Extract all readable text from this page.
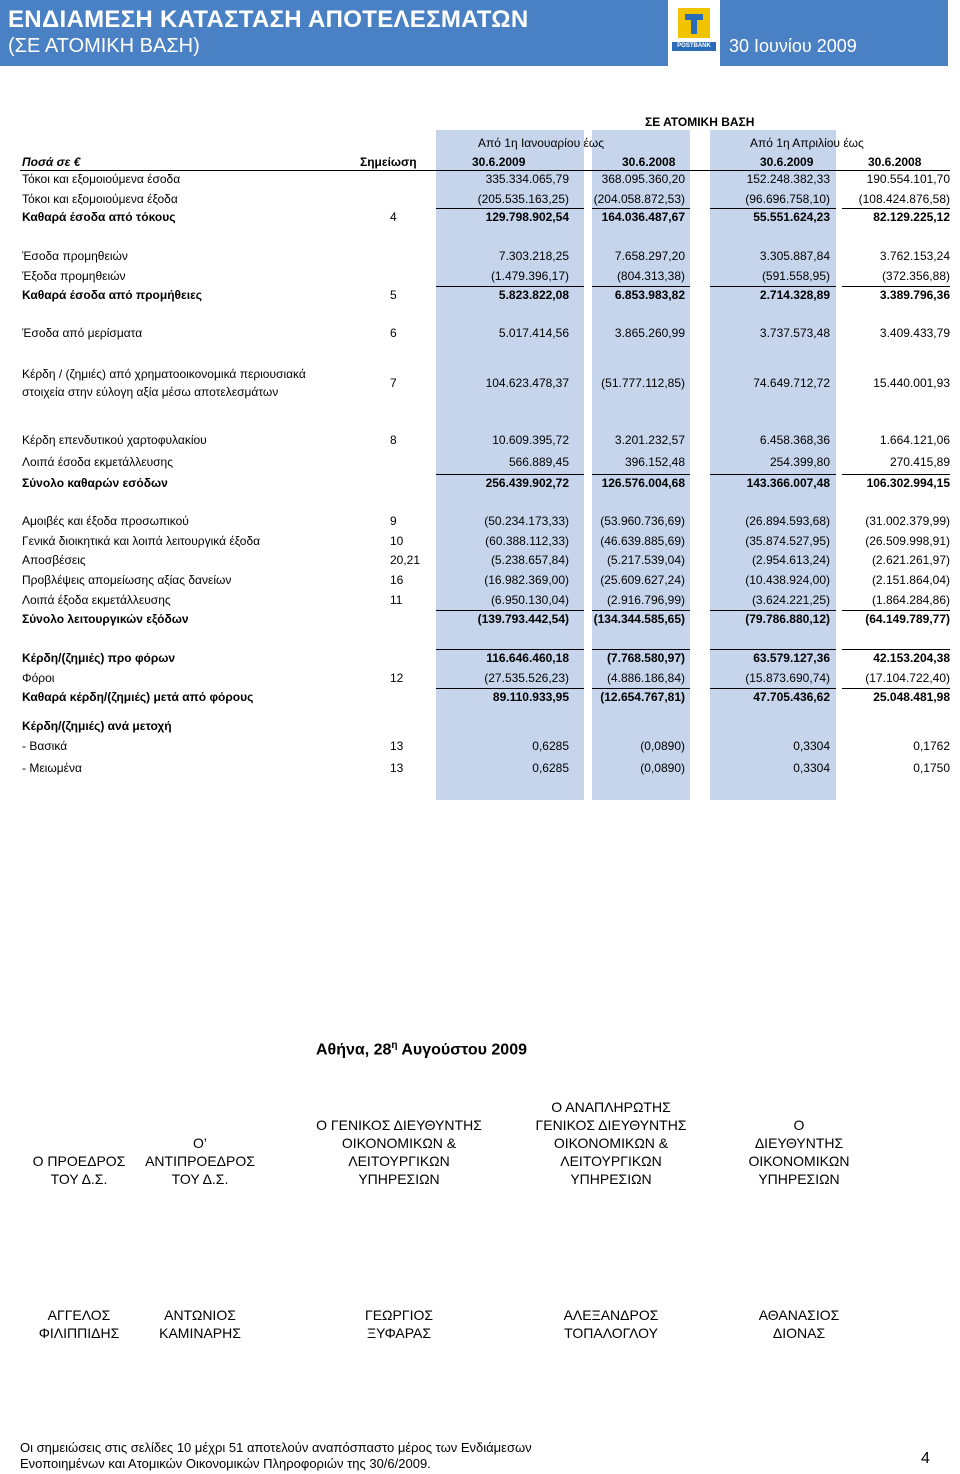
ΕΝΔΙΑΜΕΣΗ ΚΑΤΑΣΤΑΣΗ ΑΠΟΤΕΛΕΣΜΑΤΩΝ
(ΣΕ ΑΤΟΜΙΚΗ ΒΑΣΗ)	POSTBANK 30 Ιουνίου 2009
ΣΕ ΑΤΟΜΙΚΗ ΒΑΣΗ
Από 1η Ιανουαρίου έως	Από 1η Απριλίου έως
Ποσά σε €	Σημείωση	30.6.2009	30.6.2008	30.6.2009	30.6.2008
Τόκοι και εξομοιούμενα έσοδα	335.334.065,79	368.095.360,20	152.248.382,33	190.554.101,70
Τόκοι και εξομοιούμενα έξοδα	(205.535.163,25) (204.058.872,53)	(96.696.758,10) (108.424.876,58)
Καθαρά έσοδα από τόκους	4	129.798.902,54	164.036.487,67	55.551.624,23	82.129.225,12
Έσοδα προμηθειών	7.303.218,25	7.658.297,20	3.305.887,84	3.762.153,24
Έξοδα προμηθειών	(1.479.396,17)	(804.313,38)	(591.558,95)	(372.356,88)
Καθαρά έσοδα από προμήθειες	5	5.823.822,08	6.853.983,82	2.714.328,89	3.389.796,36
Έσοδα από μερίσματα	6	5.017.414,56	3.865.260,99	3.737.573,48	3.409.433,79
Κέρδη / (ζημιές) από χρηματοοικονομικά περιουσιακά
στοιχεία στην εύλογη αξία μέσω αποτελεσμάτων
7	104.623.478,37	(51.777.112,85)	74.649.712,72	15.440.001,93
Κέρδη επενδυτικού χαρτοφυλακίου	8	10.609.395,72	3.201.232,57	6.458.368,36	1.664.121,06
Λοιπά έσοδα εκμετάλλευσης	566.889,45	396.152,48	254.399,80	270.415,89
Σύνολο καθαρών εσόδων	256.439.902,72	126.576.004,68	143.366.007,48	106.302.994,15
Αμοιβές και έξοδα προσωπικού	9	(50.234.173,33)	(53.960.736,69)	(26.894.593,68)	(31.002.379,99)
Γενικά διοικητικά και λοιπά λειτουργικά έξοδα	10	(60.388.112,33)	(46.639.885,69)	(35.874.527,95)	(26.509.998,91)
Αποσβέσεις	20,21	(5.238.657,84)	(5.217.539,04)	(2.954.613,24)	(2.621.261,97)
Προβλέψεις απομείωσης αξίας δανείων	16	(16.982.369,00)	(25.609.627,24)	(10.438.924,00)	(2.151.864,04)
Λοιπά έξοδα εκμετάλλευσης	11	(6.950.130,04)	(2.916.796,99)	(3.624.221,25)	(1.864.284,86)
Σύνολο λειτουργικών εξόδων	(139.793.442,54) (134.344.585,65)	(79.786.880,12)	(64.149.789,77)
Κέρδη/(ζημιές) προ φόρων	116.646.460,18	(7.768.580,97)	63.579.127,36	42.153.204,38
Φόροι	12	(27.535.526,23)	(4.886.186,84)	(15.873.690,74)	(17.104.722,40)
Καθαρά κέρδη/(ζημιές) μετά από φόρους	89.110.933,95	(12.654.767,81)	47.705.436,62	25.048.481,98
Κέρδη/(ζημιές) ανά μετοχή
- Βασικά	13	0,6285	(0,0890)	0,3304	0,1762
- Μειωμένα	13	0,6285	(0,0890)	0,3304	0,1750
Αθήνα, $28^\eta$ Αυγούστου 2009
Ο ΠΡΟΕΔΡΟΣ
ΤΟΥ Δ.Σ.
ΑΓΓΕΛΟΣ
ΦΙΛΙΠΠΙΔΗΣ
Ο’
ΑΝΤΙΠΡΟΕΔΡΟΣ
ΤΟΥ Δ.Σ.
ΑΝΤΩΝΙΟΣ
ΚΑΜΙΝΑΡΗΣ
Ο ΓΕΝΙΚΟΣ ΔΙΕΥΘΥΝΤΗΣ
ΟΙΚΟΝΟΜΙΚΩΝ &
ΛΕΙΤΟΥΡΓΙΚΩΝ
ΥΠΗΡΕΣΙΩΝ
ΓΕΩΡΓΙΟΣ
ΞΥΦΑΡΑΣ
Ο ΑΝΑΠΛΗΡΩΤΗΣ
ΓΕΝΙΚΟΣ ΔΙΕΥΘΥΝΤΗΣ
ΟΙΚΟΝΟΜΙΚΩΝ &
ΛΕΙΤΟΥΡΓΙΚΩΝ
ΥΠΗΡΕΣΙΩΝ
ΑΛΕΞΑΝΔΡΟΣ
ΤΟΠΑΛΟΓΛΟΥ
Ο
ΔΙΕΥΘΥΝΤΗΣ
ΟΙΚΟΝΟΜΙΚΩΝ
ΥΠΗΡΕΣΙΩΝ
ΑΘΑΝΑΣΙΟΣ
ΔΙΟΝΑΣ
Οι σημειώσεις στις σελίδες 10 μέχρι 51 αποτελούν αναπόσπαστο μέρος των Ενδιάμεσων
Ενοποιημένων και Ατομικών Οικονομικών Πληροφοριών της 30/6/2009.	4
